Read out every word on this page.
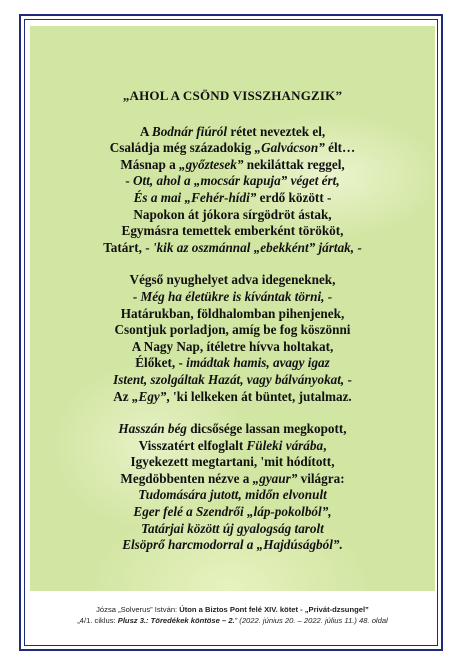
„AHOL A CSÖND VISSZHANGZIK”
A Bodnár fiúról rétet neveztek el,
Családja még századokig „Galvácson” élt…
Másnap a „győztesek” nekiláttak reggel,
- Ott, ahol a „mocsár kapuja” véget ért,
És a mai „Fehér-hídi” erdő között -
Napokon át jókora sírgödröt ástak,
Egymásra temettek emberként törököt,
Tatárt, - 'kik az oszmánnal „ebekként” jártak, -
Végső nyughelyet adva idegeneknek,
- Még ha életükre is kívántak törni, -
Határukban, földhalomban pihenjenek,
Csontjuk porladjon, amíg be fog köszönni
A Nagy Nap, ítéletre hívva holtakat,
Élőket, - imádtak hamis, avagy igaz
Istent, szolgáltak Hazát, vagy bálványokat, -
Az „Egy”, 'ki lelkeken át büntet, jutalmaz.
Hasszán bég dicsősége lassan megkopott,
Visszatért elfoglalt Füleki várába,
Igyekezett megtartani, 'mit hódított,
Megdöbbenten nézve a „gyaur” világra:
Tudomására jutott, midőn elvonult
Eger felé a Szendrői „láp-pokolból”,
Tatárjai között új gyalogság tarolt
Elsöprő harcmodorral a „Hajdúságból”.
Józsa „Solverus” István: Úton a Biztos Pont felé XIV. kötet - „Privát-dzsungel”
„4/1. ciklus: Plusz 3.: Töredékek köntöse – 2.” (2022. június 20. – 2022. július 11.) 48. oldal
